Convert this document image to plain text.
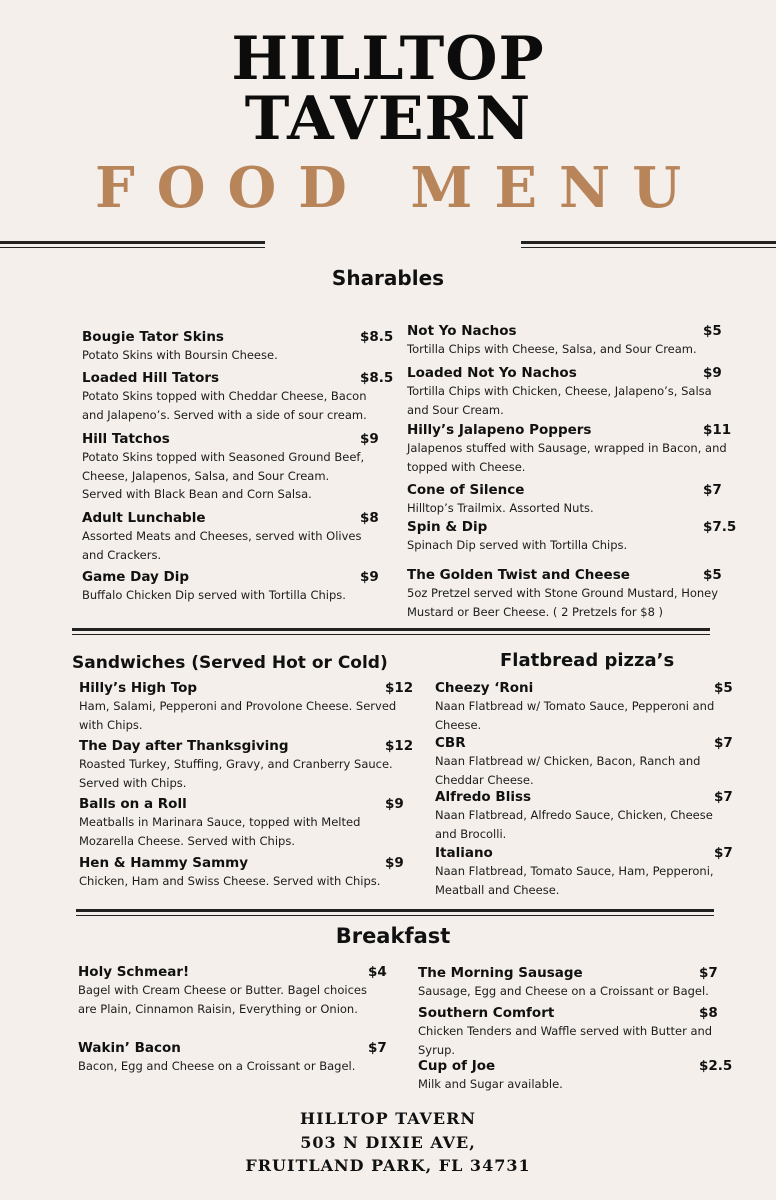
HILLTOP
TAVERN
FOOD MENU
Sharables
Bougie Tator Skins	$8.5
Potato Skins with Boursin Cheese.
Loaded Hill Tators	$8.5
Potato Skins topped with Cheddar Cheese, Bacon and Jalapeno’s. Served with a side of sour cream.
Hill Tatchos	$9
Potato Skins topped with Seasoned Ground Beef, Cheese, Jalapenos, Salsa, and Sour Cream. Served with Black Bean and Corn Salsa.
Adult Lunchable	$8
Assorted Meats and Cheeses, served with Olives and Crackers.
Game Day Dip	$9
Buffalo Chicken Dip served with Tortilla Chips.
Not Yo Nachos	$5
Tortilla Chips with Cheese, Salsa, and Sour Cream.
Loaded Not Yo Nachos	$9
Tortilla Chips with Chicken, Cheese, Jalapeno’s, Salsa and Sour Cream.
Hilly’s Jalapeno Poppers	$11
Jalapenos stuffed with Sausage, wrapped in Bacon, and topped with Cheese.
Cone of Silence	$7
Hilltop’s Trailmix. Assorted Nuts.
Spin & Dip	$7.5
Spinach Dip served with Tortilla Chips.
The Golden Twist and Cheese	$5
5oz Pretzel served with Stone Ground Mustard, Honey Mustard or Beer Cheese. ( 2 Pretzels for $8 )
Sandwiches (Served Hot or Cold)	Flatbread pizza’s
Hilly’s High Top	$12
Ham, Salami, Pepperoni and Provolone Cheese. Served with Chips.
The Day after Thanksgiving	$12
Roasted Turkey, Stuffing, Gravy, and Cranberry Sauce. Served with Chips.
Balls on a Roll	$9
Meatballs in Marinara Sauce, topped with Melted Mozarella Cheese. Served with Chips.
Hen & Hammy Sammy	$9
Chicken, Ham and Swiss Cheese. Served with Chips.
Cheezy ‘Roni	$5
Naan Flatbread w/ Tomato Sauce, Pepperoni and Cheese.
CBR	$7
Naan Flatbread w/ Chicken, Bacon, Ranch and Cheddar Cheese.
Alfredo Bliss	$7
Naan Flatbread, Alfredo Sauce, Chicken, Cheese and Brocolli.
Italiano	$7
Naan Flatbread, Tomato Sauce, Ham, Pepperoni, Meatball and Cheese.
Breakfast
Holy Schmear!	$4
Bagel with Cream Cheese or Butter. Bagel choices are Plain, Cinnamon Raisin, Everything or Onion.
Wakin’ Bacon	$7
Bacon, Egg and Cheese on a Croissant or Bagel.
The Morning Sausage	$7
Sausage, Egg and Cheese on a Croissant or Bagel.
Southern Comfort	$8
Chicken Tenders and Waffle served with Butter and Syrup.
Cup of Joe	$2.5
Milk and Sugar available.
HILLTOP TAVERN
503 N DIXIE AVE,
FRUITLAND PARK, FL 34731
